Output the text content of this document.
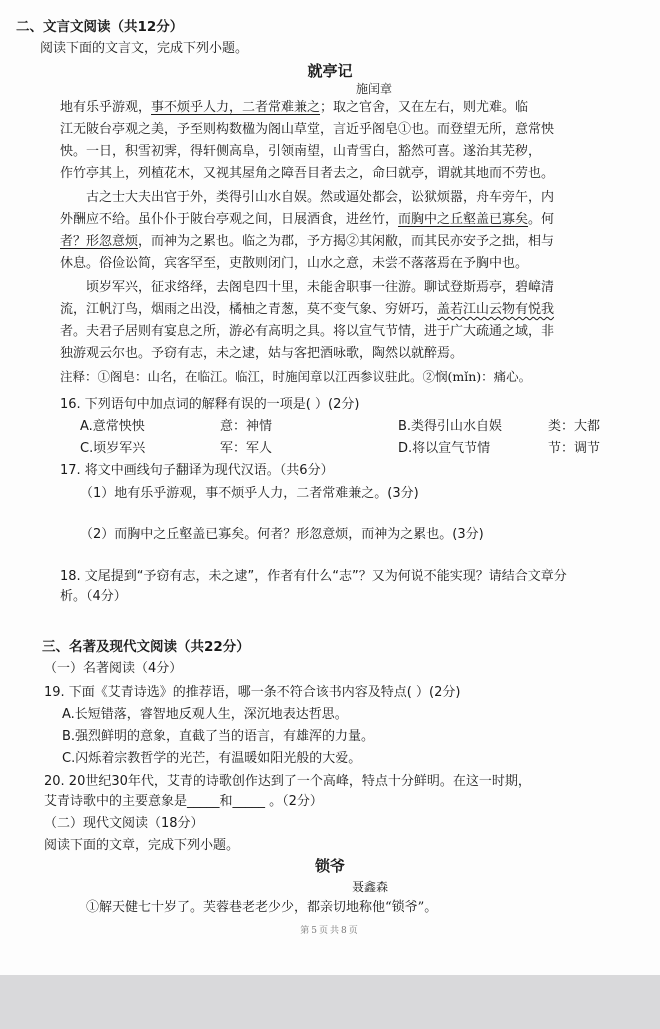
二、文言文阅读（共12分）
阅读下面的文言文，完成下列小题。
就亭记
施闰章
地有乐乎游观，事不烦乎人力，二者常难兼之；取之官舍，又在左右，则尤难。临
江无陂台亭观之美，予至则构数楹为阁山草堂，言近乎阁皂①也。而登望无所，意常怏
怏。一日，积雪初霁，得轩侧高阜，引领南望，山青雪白，豁然可喜。遂治其芜秽，
作竹亭其上，列植花木，又视其屋角之障吾目者去之，命曰就亭，谓就其地而不劳也。
古之士大夫出官于外，类得引山水自娱。然或逼处都会，讼狱烦嚣，舟车旁午，内
外酬应不给。虽仆仆于陂台亭观之间，日展酒食，进丝竹，而胸中之丘壑盖已寡矣。何
者？形忽意烦，而神为之累也。临之为郡，予方揭②其闲敝，而其民亦安予之拙，相与
休息。俗俭讼简，宾客罕至，吏散则闭门，山水之意，未尝不落落焉在予胸中也。
顷岁军兴，征求络绎，去阁皂四十里，未能舍职事一往游。聊试登斯焉亭，碧嶂清
流，江帆汀鸟，烟雨之出没，橘柚之青葱，莫不变气象、穷妍巧，盖若江山云物有悦我
者。夫君子居则有宴息之所，游必有高明之具。将以宣气节情，进于广大疏通之域，非
独游观云尔也。予窃有志，未之逮，姑与客把酒咏歌，陶然以就醉焉。
注释：①阁皂：山名，在临江。临江，时施闰章以江西参议驻此。②悯(mǐn)：痛心。
16. 下列语句中加点词的解释有误的一项是( ）(2分)
A.意常怏怏	意：神情	B.类得引山水自娱	类：大都
C.顷岁军兴	军：军人	D.将以宣气节情	节：调节
17. 将文中画线句子翻译为现代汉语。（共6分）
（1）地有乐乎游观，事不烦乎人力，二者常难兼之。(3分)
（2）而胸中之丘壑盖已寡矣。何者？形忽意烦，而神为之累也。(3分)
18. 文尾提到“予窃有志，未之逮”，作者有什么“志”？又为何说不能实现？请结合文章分
析。（4分）
三、名著及现代文阅读（共22分）
（一）名著阅读（4分）
19. 下面《艾青诗选》的推荐语，哪一条不符合该书内容及特点( ）(2分)
A.长短错落，睿智地反观人生，深沉地表达哲思。
B.强烈鲜明的意象，直截了当的语言，有雄浑的力量。
C.闪烁着宗教哲学的光芒，有温暖如阳光般的大爱。
20. 20世纪30年代，艾青的诗歌创作达到了一个高峰，特点十分鲜明。在这一时期，
艾青诗歌中的主要意象是_____和_____ 。（2分）
（二）现代文阅读（18分）
阅读下面的文章，完成下列小题。
锁爷
聂鑫森
①解天健七十岁了。芙蓉巷老老少少，都亲切地称他“锁爷”。
第5页共8页
